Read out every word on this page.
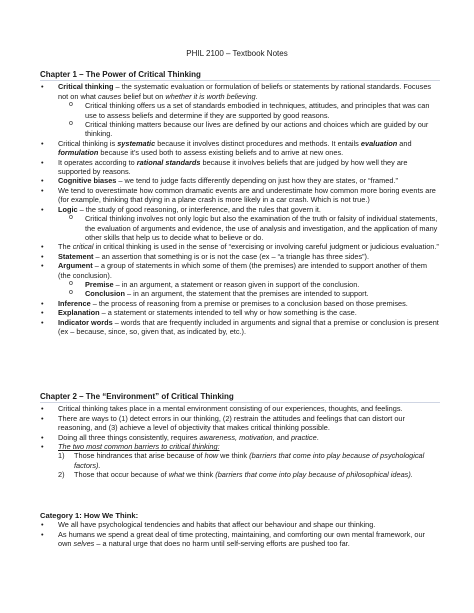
PHIL 2100 – Textbook Notes
Chapter 1 – The Power of Critical Thinking
• Critical thinking – the systematic evaluation or formulation of beliefs or statements by rational standards. Focuses not on what causes belief but on whether it is worth believing.
o Critical thinking offers us a set of standards embodied in techniques, attitudes, and principles that was can use to assess beliefs and determine if they are supported by good reasons.
o Critical thinking matters because our lives are defined by our actions and choices which are guided by our thinking.
• Critical thinking is systematic because it involves distinct procedures and methods. It entails evaluation and formulation because it’s used both to assess existing beliefs and to arrive at new ones.
• It operates according to rational standards because it involves beliefs that are judged by how well they are supported by reasons.
• Cognitive biases – we tend to judge facts differently depending on just how they are states, or “framed.”
• We tend to overestimate how common dramatic events are and underestimate how common more boring events are (for example, thinking that dying in a plane crash is more likely in a car crash. Which is not true.)
• Logic – the study of good reasoning, or interference, and the rules that govern it.
o Critical thinking involves not only logic but also the examination of the truth or falsity of individual statements, the evaluation of arguments and evidence, the use of analysis and investigation, and the application of many other skills that help us to decide what to believe or do.
• The critical in critical thinking is used in the sense of “exercising or involving careful judgment or judicious evaluation.”
• Statement – an assertion that something is or is not the case (ex – “a triangle has three sides”).
• Argument – a group of statements in which some of them (the premises) are intended to support another of them (the conclusion).
o Premise – in an argument, a statement or reason given in support of the conclusion.
o Conclusion – in an argument, the statement that the premises are intended to support.
• Inference – the process of reasoning from a premise or premises to a conclusion based on those premises.
• Explanation – a statement or statements intended to tell why or how something is the case.
• Indicator words – words that are frequently included in arguments and signal that a premise or conclusion is present (ex – because, since, so, given that, as indicated by, etc.).
Chapter 2 – The “Environment” of Critical Thinking
• Critical thinking takes place in a mental environment consisting of our experiences, thoughts, and feelings.
• There are ways to (1) detect errors in our thinking, (2) restrain the attitudes and feelings that can distort our reasoning, and (3) achieve a level of objectivity that makes critical thinking possible.
• Doing all three things consistently, requires awareness, motivation, and practice.
• The two most common barriers to critical thinking:
1) Those hindrances that arise because of how we think (barriers that come into play because of psychological factors).
2) Those that occur because of what we think (barriers that come into play because of philosophical ideas).
Category 1: How We Think:
• We all have psychological tendencies and habits that affect our behaviour and shape our thinking.
• As humans we spend a great deal of time protecting, maintaining, and comforting our own mental framework, our own selves – a natural urge that does no harm until self-serving efforts are pushed too far.
